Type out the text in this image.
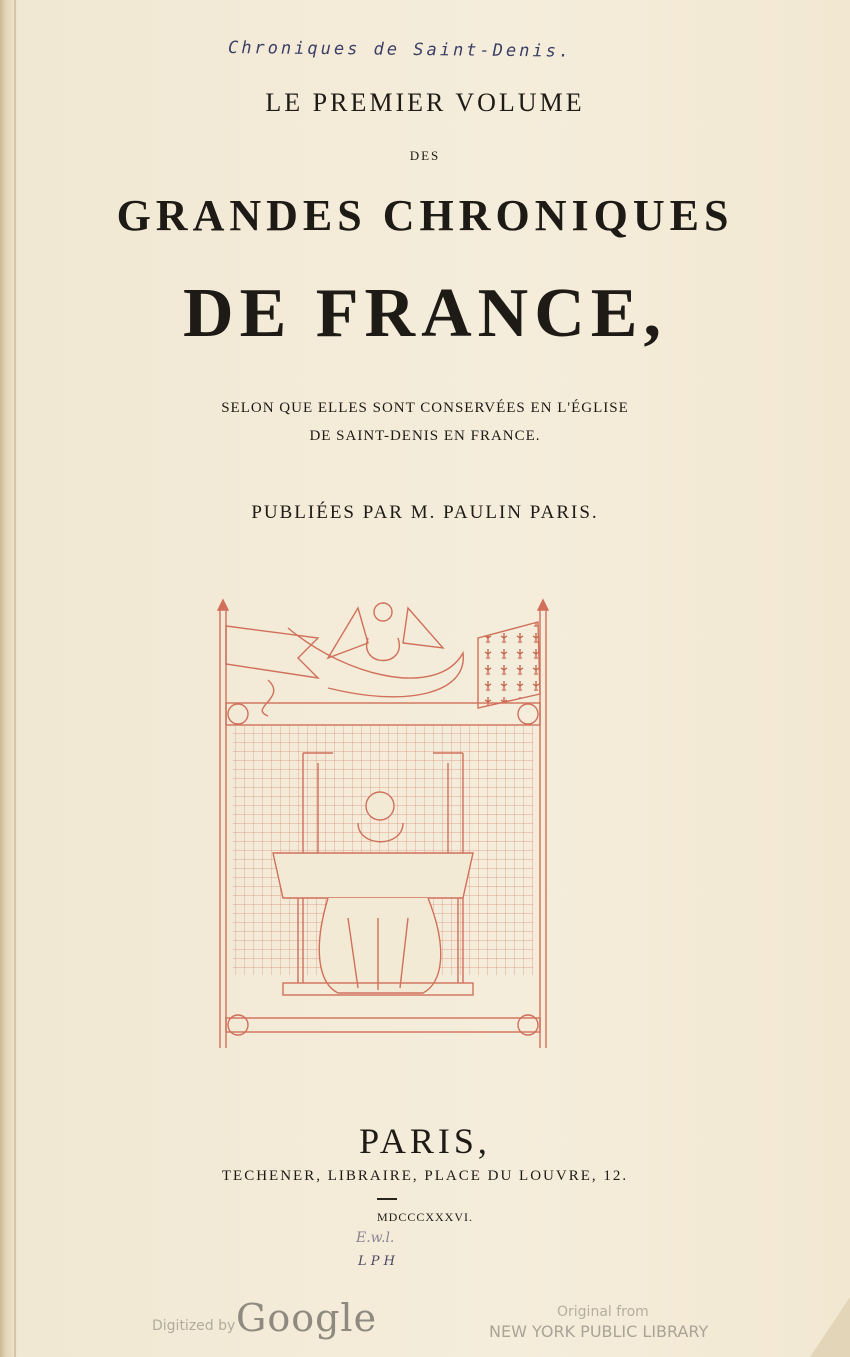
Chroniques de Saint-Denis.
LE PREMIER VOLUME
DES
GRANDES CHRONIQUES
DE FRANCE,
SELON QUE ELLES SONT CONSERVÉES EN L'ÉGLISE
DE SAINT-DENIS EN FRANCE.
PUBLIÉES PAR M. PAULIN PARIS.
PARIS,
TECHENER, LIBRAIRE, PLACE DU LOUVRE, 12.
MDCCCXXXVI.
E.w.l.
L P H
Digitized by Google	Original from
NEW YORK PUBLIC LIBRARY
